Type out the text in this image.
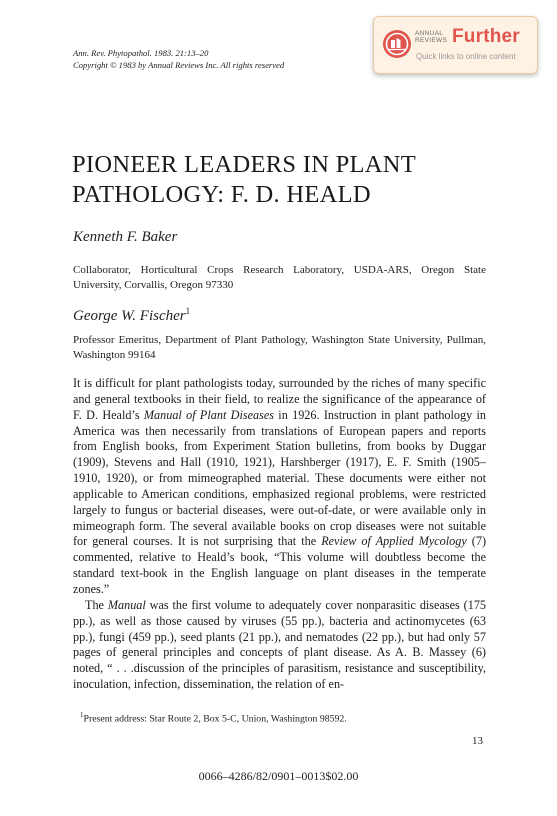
Ann. Rev. Phytopathol. 1983. 21:13–20
Copyright © 1983 by Annual Reviews Inc. All rights reserved
ANNUAL
REVIEWS Further
Quick links to online content
PIONEER LEADERS IN PLANT
PATHOLOGY: F. D. HEALD
Kenneth F. Baker
Collaborator, Horticultural Crops Research Laboratory, USDA-ARS, Oregon State University, Corvallis, Oregon 97330
George W. Fischer$^1$
Professor Emeritus, Department of Plant Pathology, Washington State University, Pullman, Washington 99164

It is difficult for plant pathologists today, surrounded by the riches of many specific and general textbooks in their field, to realize the significance of the appearance of F. D. Heald’s Manual of Plant Diseases in 1926. Instruction in plant pathology in America was then necessarily from translations of European papers and reports from English books, from Experiment Station bulletins, from books by Duggar (1909), Stevens and Hall (1910, 1921), Harshberger (1917), E. F. Smith (1905–1910, 1920), or from mimeographed material. These documents were either not applicable to American conditions, emphasized regional problems, were restricted largely to fungus or bacterial diseases, were out-of-date, or were available only in mimeograph form. The several available books on crop diseases were not suitable for general courses. It is not surprising that the Review of Applied Mycology (7) commented, relative to Heald’s book, “This volume will doubtless become the standard text-book in the English language on plant diseases in the temperate zones.”

The Manual was the first volume to adequately cover nonparasitic diseases (175 pp.), as well as those caused by viruses (55 pp.), bacteria and actinomycetes (63 pp.), fungi (459 pp.), seed plants (21 pp.), and nematodes (22 pp.), but had only 57 pages of general principles and concepts of plant disease. As A. B. Massey (6) noted, “ . . .discussion of the principles of parasitism, resistance and susceptibility, inoculation, infection, dissemination, the relation of en-

$^1$Present address: Star Route 2, Box 5-C, Union, Washington 98592.
13
0066–4286/82/0901–0013$02.00
